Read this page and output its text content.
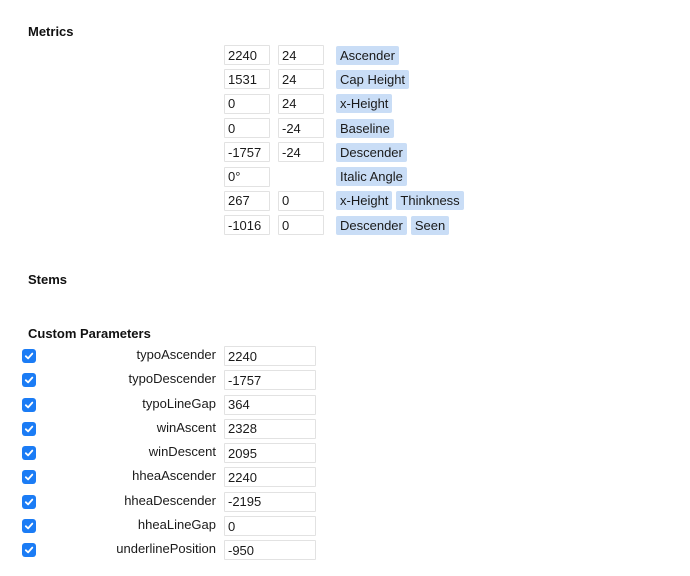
Metrics
2240
24
Ascender
1531
24
Cap Height
0
24
x-Height
0
-24
Baseline
-1757
-24
Descender
0°
Italic Angle
267
0
x-Height Thinkness
-1016
0
Descender Seen
Stems
Custom Parameters
typoAscender
2240
typoDescender
-1757
typoLineGap
364
winAscent
2328
winDescent
2095
hheaAscender
2240
hheaDescender
-2195
hheaLineGap
0
underlinePosition
-950
